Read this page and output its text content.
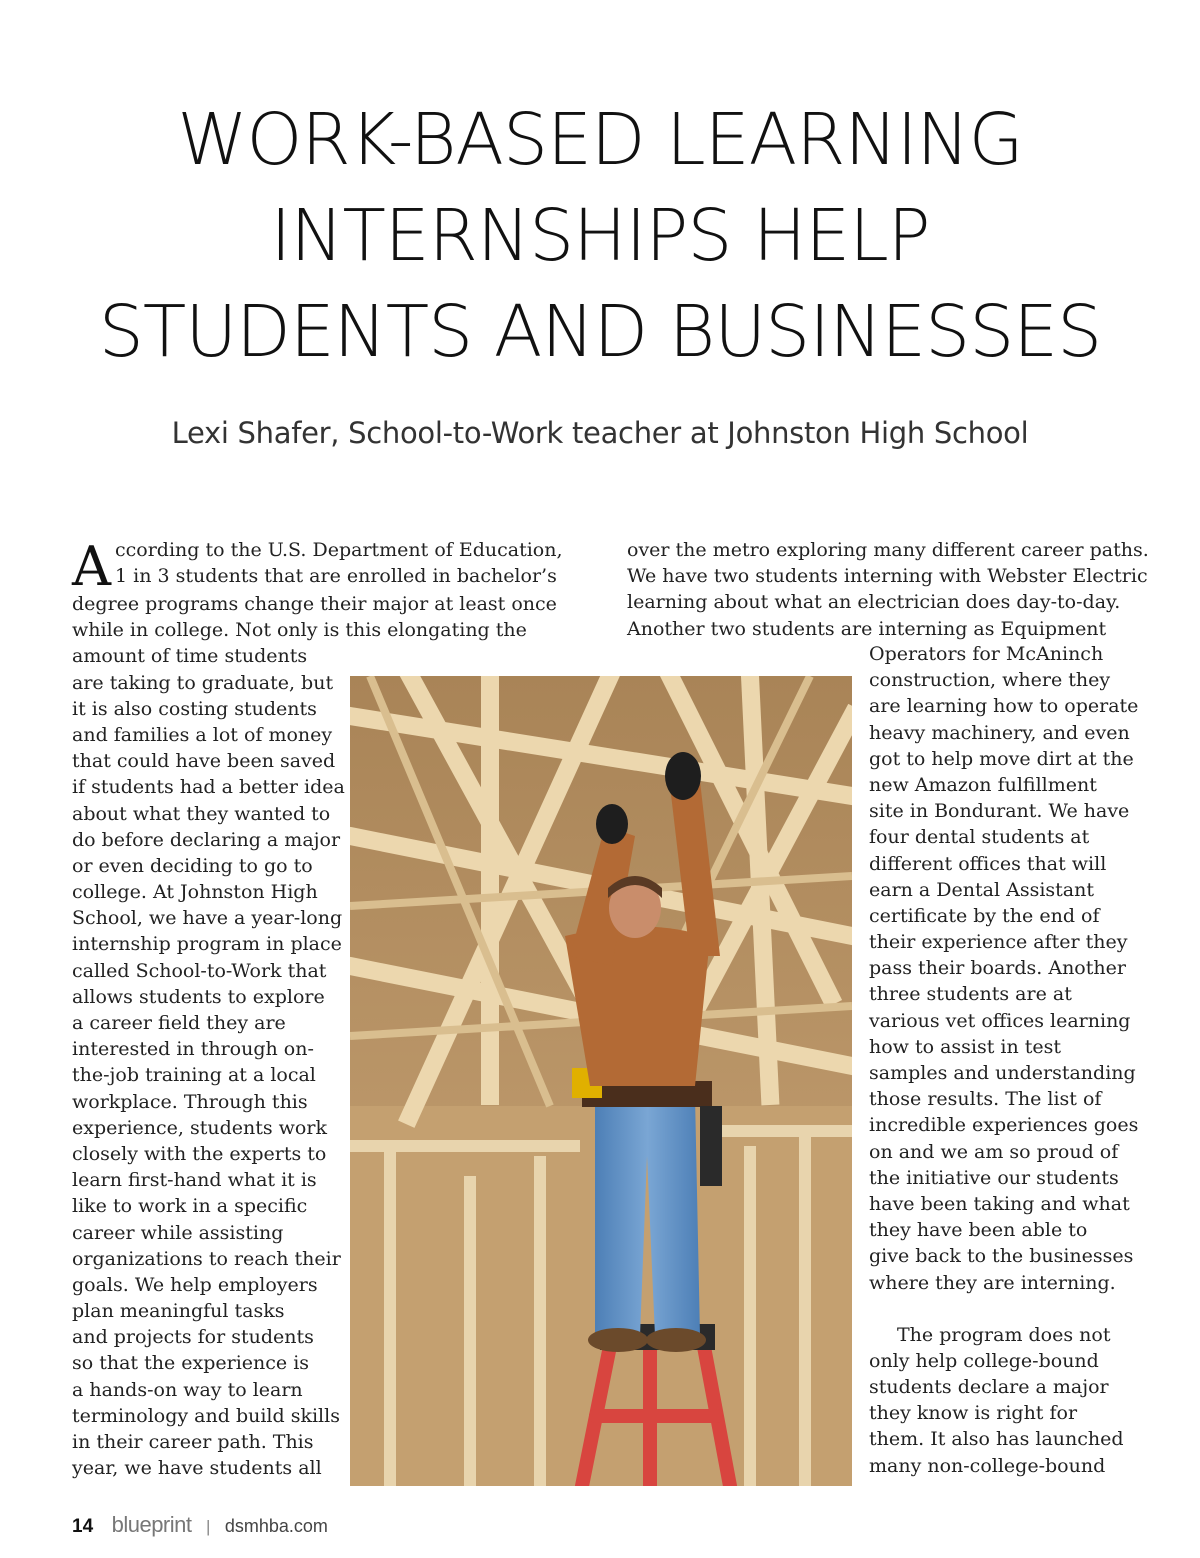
WORK-BASED LEARNING
INTERNSHIPS HELP
STUDENTS AND BUSINESSES
Lexi Shafer, School-to-Work teacher at Johnston High School
A ccording to the U.S. Department of Education,
1 in 3 students that are enrolled in bachelor’s
degree programs change their major at least once
while in college. Not only is this elongating the
amount of time students
are taking to graduate, but
it is also costing students
and families a lot of money
that could have been saved
if students had a better idea
about what they wanted to
do before declaring a major
or even deciding to go to
college. At Johnston High
School, we have a year-long
internship program in place
called School-to-Work that
allows students to explore
a career field they are
interested in through on-
the-job training at a local
workplace. Through this
experience, students work
closely with the experts to
learn first-hand what it is
like to work in a specific
career while assisting
organizations to reach their
goals. We help employers
plan meaningful tasks
and projects for students
so that the experience is
a hands-on way to learn
terminology and build skills
in their career path. This
year, we have students all
over the metro exploring many different career paths.
We have two students interning with Webster Electric
learning about what an electrician does day-to-day.
Another two students are interning as Equipment
Operators for McAninch
construction, where they
are learning how to operate
heavy machinery, and even
got to help move dirt at the
new Amazon fulfillment
site in Bondurant. We have
four dental students at
different offices that will
earn a Dental Assistant
certificate by the end of
their experience after they
pass their boards. Another
three students are at
various vet offices learning
how to assist in test
samples and understanding
those results. The list of
incredible experiences goes
on and we am so proud of
the initiative our students
have been taking and what
they have been able to
give back to the businesses
where they are interning.
The program does not
only help college-bound
students declare a major
they know is right for
them. It also has launched
many non-college-bound
14 blueprint | dsmhba.com
